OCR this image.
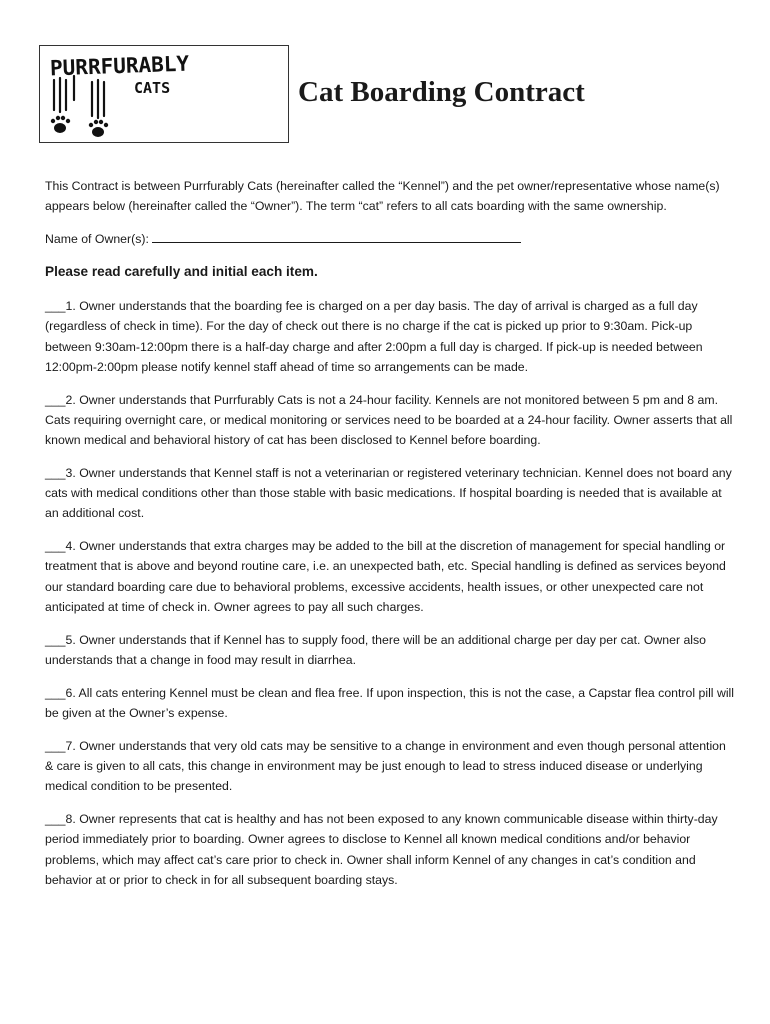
PURRFURABLY
CATS	Cat Boarding Contract

This Contract is between Purrfurably Cats (hereinafter called the “Kennel”) and the pet owner/representative whose name(s) appears below (hereinafter called the “Owner”). The term “cat” refers to all cats boarding with the same ownership.

Name of Owner(s):

Please read carefully and initial each item.

___1. Owner understands that the boarding fee is charged on a per day basis. The day of arrival is charged as a full day (regardless of check in time). For the day of check out there is no charge if the cat is picked up prior to 9:30am. Pick-up between 9:30am-12:00pm there is a half-day charge and after 2:00pm a full day is charged. If pick-up is needed between 12:00pm-2:00pm please notify kennel staff ahead of time so arrangements can be made.

___2. Owner understands that Purrfurably Cats is not a 24-hour facility. Kennels are not monitored between 5 pm and 8 am. Cats requiring overnight care, or medical monitoring or services need to be boarded at a 24-hour facility. Owner asserts that all known medical and behavioral history of cat has been disclosed to Kennel before boarding.

___3. Owner understands that Kennel staff is not a veterinarian or registered veterinary technician. Kennel does not board any cats with medical conditions other than those stable with basic medications. If hospital boarding is needed that is available at an additional cost.

___4. Owner understands that extra charges may be added to the bill at the discretion of management for special handling or treatment that is above and beyond routine care, i.e. an unexpected bath, etc. Special handling is defined as services beyond our standard boarding care due to behavioral problems, excessive accidents, health issues, or other unexpected care not anticipated at time of check in. Owner agrees to pay all such charges.

___5. Owner understands that if Kennel has to supply food, there will be an additional charge per day per cat. Owner also understands that a change in food may result in diarrhea.

___6. All cats entering Kennel must be clean and flea free. If upon inspection, this is not the case, a Capstar flea control pill will be given at the Owner’s expense.

___7. Owner understands that very old cats may be sensitive to a change in environment and even though personal attention & care is given to all cats, this change in environment may be just enough to lead to stress induced disease or underlying medical condition to be presented.

___8. Owner represents that cat is healthy and has not been exposed to any known communicable disease within thirty-day period immediately prior to boarding. Owner agrees to disclose to Kennel all known medical conditions and/or behavior problems, which may affect cat’s care prior to check in. Owner shall inform Kennel of any changes in cat’s condition and behavior at or prior to check in for all subsequent boarding stays.
